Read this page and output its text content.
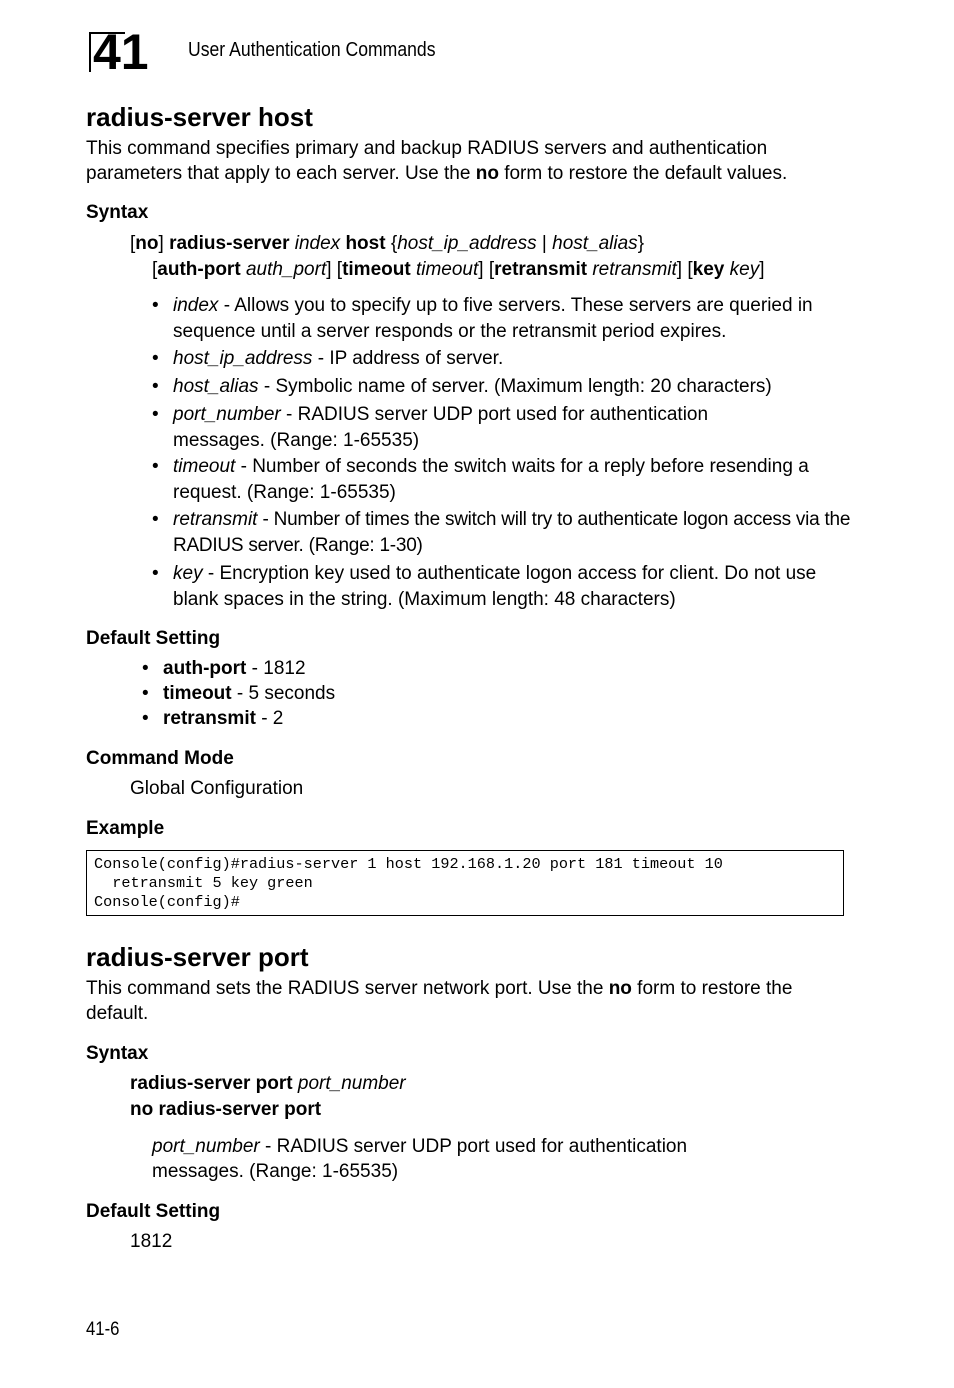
41 User Authentication Commands
radius-server host

This command specifies primary and backup RADIUS servers and authentication parameters that apply to each server. Use the no form to restore the default values.

Syntax
[no] radius-server index host {host_ip_address | host_alias}
[auth-port auth_port] [timeout timeout] [retransmit retransmit] [key key]
• index - Allows you to specify up to five servers. These servers are queried in sequence until a server responds or the retransmit period expires.
• host_ip_address - IP address of server.
• host_alias - Symbolic name of server. (Maximum length: 20 characters)
• port_number - RADIUS server UDP port used for authentication messages. (Range: 1-65535)
• timeout - Number of seconds the switch waits for a reply before resending a request. (Range: 1-65535)
• retransmit - Number of times the switch will try to authenticate logon access via the RADIUS server. (Range: 1-30)
• key - Encryption key used to authenticate logon access for client. Do not use blank spaces in the string. (Maximum length: 48 characters)
Default Setting
• auth-port - 1812
• timeout - 5 seconds
• retransmit - 2
Command Mode
Global Configuration
Example
Console(config)#radius-server 1 host 192.168.1.20 port 181 timeout 10
retransmit 5 key green
Console(config)#
radius-server port

This command sets the RADIUS server network port. Use the no form to restore the default.

Syntax
radius-server port port_number
no radius-server port

port_number - RADIUS server UDP port used for authentication messages. (Range: 1-65535)

Default Setting
1812
41-6
